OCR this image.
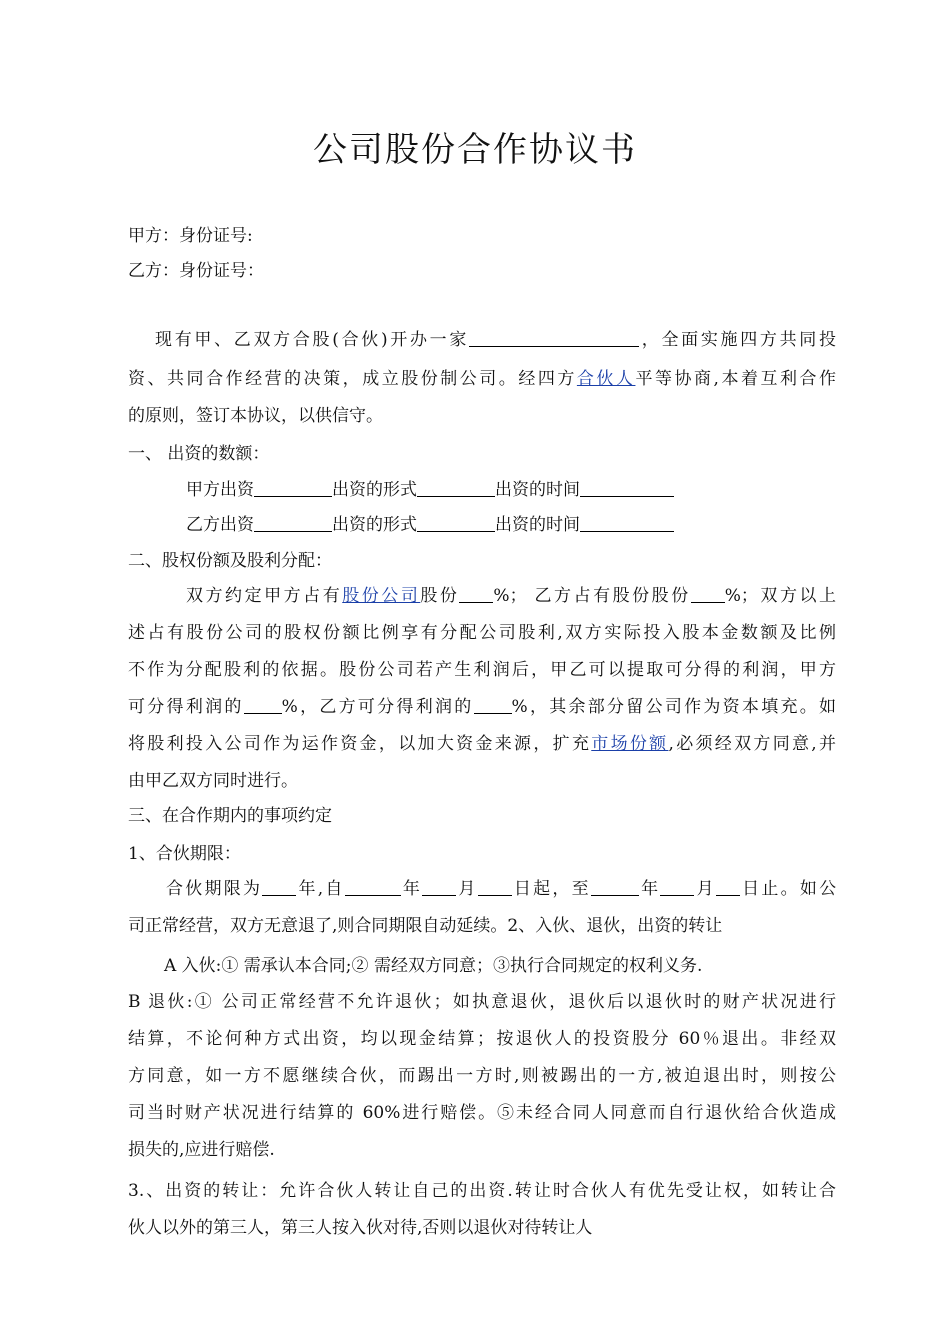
公司股份合作协议书

甲方：身份证号:

乙方：身份证号：

现有甲、乙双方合股(合伙)开办一家	，全面实施四方共同投

资、共同合作经营的决策，成立股份制公司。经四方合伙人平等协商,本着互利合作

的原则，签订本协议，以供信守。

一、 出资的数额：

甲方出资	出资的形式	出资的时间

乙方出资	出资的形式	出资的时间

二、股权份额及股利分配：

双方约定甲方占有股份公司股份 %； 乙方占有股份股份 %；双方以上

述占有股份公司的股权份额比例享有分配公司股利,双方实际投入股本金数额及比例

不作为分配股利的依据。股份公司若产生利润后，甲乙可以提取可分得的利润，甲方

可分得利润的 %，乙方可分得利润的 %，其余部分留公司作为资本填充。如

将股利投入公司作为运作资金，以加大资金来源，扩充市场份额,必须经双方同意,并

由甲乙双方同时进行。

三、在合作期内的事项约定

1、合伙期限：

合伙期限为 年,自	年 月 日起，至	年 月 日止。如公

司正常经营，双方无意退了,则合同期限自动延续。2、入伙、退伙，出资的转让

A 入伙:① 需承认本合同;② 需经双方同意；③执行合同规定的权利义务.

B 退伙:① 公司正常经营不允许退伙；如执意退伙，退伙后以退伙时的财产状况进行

结算，不论何种方式出资，均以现金结算；按退伙人的投资股分 60％退出。非经双

方同意，如一方不愿继续合伙，而踢出一方时,则被踢出的一方,被迫退出时，则按公

司当时财产状况进行结算的 60%进行赔偿。⑤未经合同人同意而自行退伙给合伙造成

损失的,应进行赔偿.

3.、出资的转让：允许合伙人转让自己的出资.转让时合伙人有优先受让权，如转让合

伙人以外的第三人，第三人按入伙对待,否则以退伙对待转让人
